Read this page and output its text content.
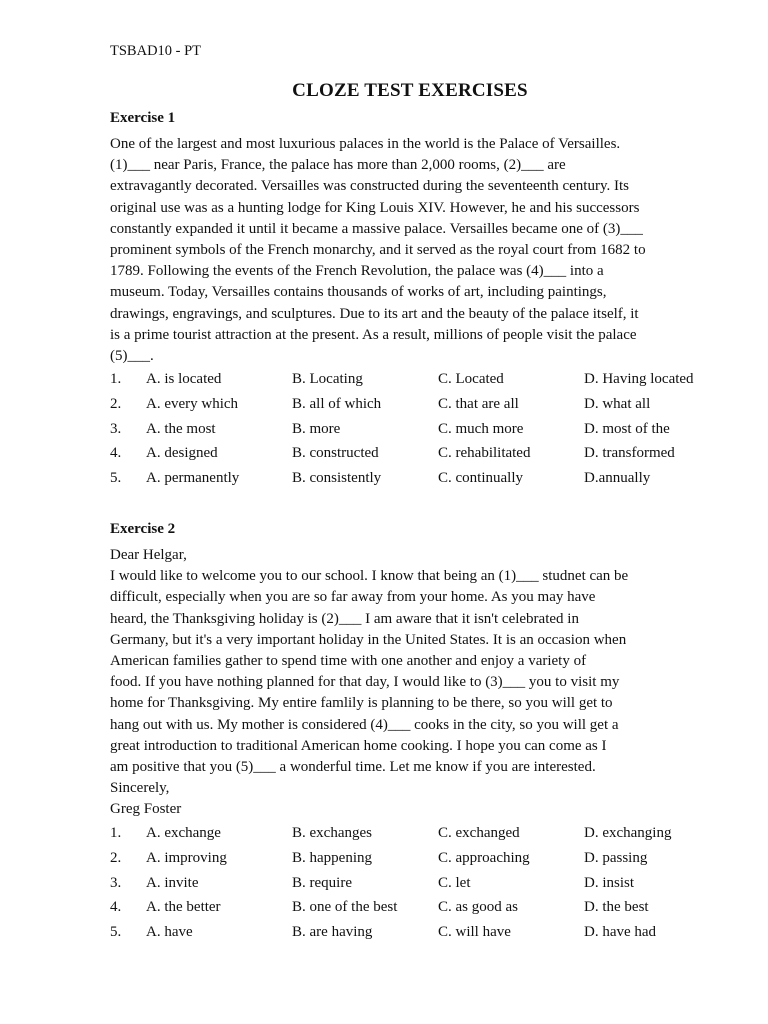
TSBAD10 - PT
CLOZE TEST EXERCISES
Exercise 1
One of the largest and most luxurious palaces in the world is the Palace of Versailles.
(1)___ near Paris, France, the palace has more than 2,000 rooms, (2)___ are
extravagantly decorated. Versailles was constructed during the seventeenth century. Its
original use was as a hunting lodge for King Louis XIV. However, he and his successors
constantly expanded it until it became a massive palace. Versailles became one of (3)___
prominent symbols of the French monarchy, and it served as the royal court from 1682 to
1789. Following the events of the French Revolution, the palace was (4)___ into a
museum. Today, Versailles contains thousands of works of art, including paintings,
drawings, engravings, and sculptures. Due to its art and the beauty of the palace itself, it
is a prime tourist attraction at the present. As a result, millions of people visit the palace
(5)___.
1. A. is located	B. Locating	C. Located	D. Having located
2. A. every which	B. all of which	C. that are all	D. what all
3. A. the most	B. more	C. much more	D. most of the
4. A. designed	B. constructed	C. rehabilitated	D. transformed
5. A. permanently	B. consistently	C. continually	D.annually
Exercise 2
Dear Helgar,
I would like to welcome you to our school. I know that being an (1)___ studnet can be
difficult, especially when you are so far away from your home. As you may have
heard, the Thanksgiving holiday is (2)___ I am aware that it isn't celebrated in
Germany, but it's a very important holiday in the United States. It is an occasion when
American families gather to spend time with one another and enjoy a variety of
food. If you have nothing planned for that day, I would like to (3)___ you to visit my
home for Thanksgiving. My entire famlily is planning to be there, so you will get to
hang out with us. My mother is considered (4)___ cooks in the city, so you will get a
great introduction to traditional American home cooking. I hope you can come as I
am positive that you (5)___ a wonderful time. Let me know if you are interested.
Sincerely,
Greg Foster
1. A. exchange	B. exchanges	C. exchanged	D. exchanging
2. A. improving	B. happening	C. approaching	D. passing
3. A. invite	B. require	C. let	D. insist
4. A. the better	B. one of the best	C. as good as	D. the best
5. A. have	B. are having	C. will have	D. have had
